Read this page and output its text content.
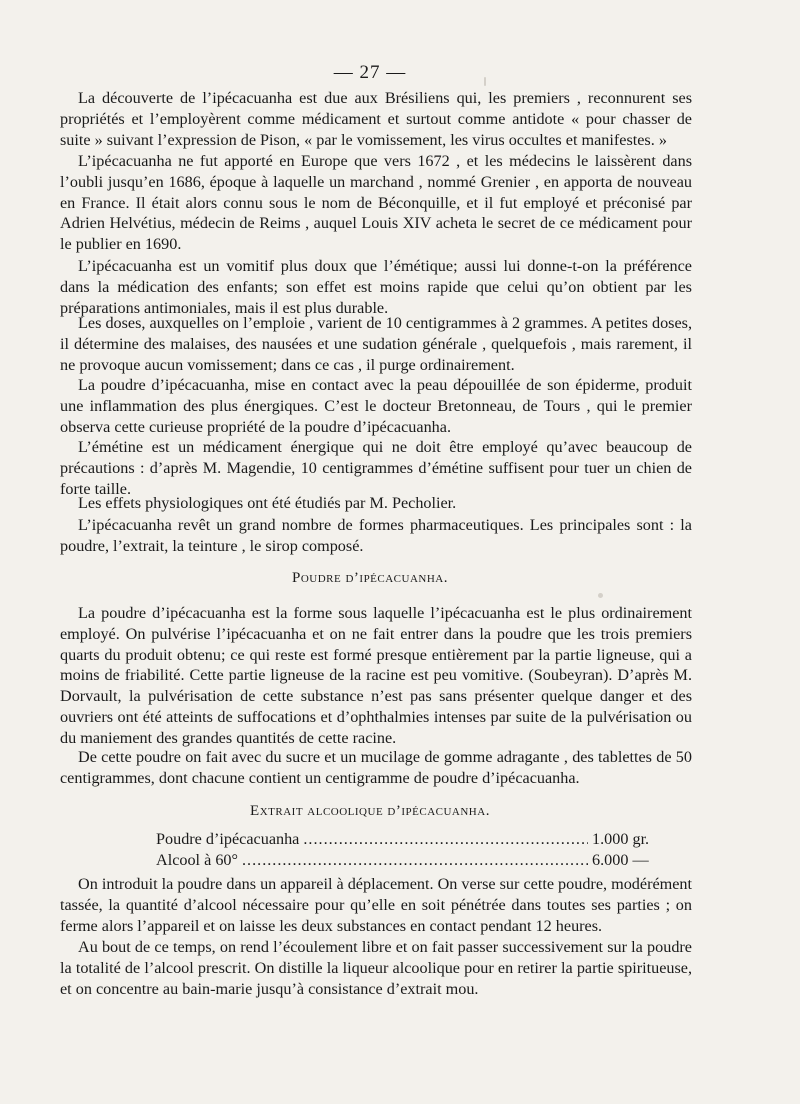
— 27 —

La découverte de l’ipécacuanha est due aux Brésiliens qui, les premiers , reconnurent ses propriétés et l’employèrent comme médicament et surtout comme antidote « pour chasser de suite » suivant l’expression de Pison, « par le vomissement, les virus occultes et manifestes. »

L’ipécacuanha ne fut apporté en Europe que vers 1672 , et les médecins le laissèrent dans l’oubli jusqu’en 1686, époque à laquelle un marchand , nommé Grenier , en apporta de nouveau en France. Il était alors connu sous le nom de Béconquille, et il fut employé et préconisé par Adrien Helvétius, médecin de Reims , auquel Louis XIV acheta le secret de ce médicament pour le publier en 1690.

L’ipécacuanha est un vomitif plus doux que l’émétique; aussi lui donne-t-on la préférence dans la médication des enfants; son effet est moins rapide que celui qu’on obtient par les préparations antimoniales, mais il est plus durable.

Les doses, auxquelles on l’emploie , varient de 10 centigrammes à 2 grammes. A petites doses, il détermine des malaises, des nausées et une sudation générale , quelquefois , mais rarement, il ne provoque aucun vomissement; dans ce cas , il purge ordinairement.

La poudre d’ipécacuanha, mise en contact avec la peau dépouillée de son épiderme, produit une inflammation des plus énergiques. C’est le docteur Bretonneau, de Tours , qui le premier observa cette curieuse propriété de la poudre d’ipécacuanha.

L’émétine est un médicament énergique qui ne doit être employé qu’avec beaucoup de précautions : d’après M. Magendie, 10 centigrammes d’émétine suffisent pour tuer un chien de forte taille.

Les effets physiologiques ont été étudiés par M. Pecholier.

L’ipécacuanha revêt un grand nombre de formes pharmaceutiques. Les principales sont : la poudre, l’extrait, la teinture , le sirop composé.

Poudre d’ipécacuanha.

La poudre d’ipécacuanha est la forme sous laquelle l’ipécacuanha est le plus ordinairement employé. On pulvérise l’ipécacuanha et on ne fait entrer dans la poudre que les trois premiers quarts du produit obtenu; ce qui reste est formé presque entièrement par la partie ligneuse, qui a moins de friabilité. Cette partie ligneuse de la racine est peu vomitive. (Soubeyran). D’après M. Dorvault, la pulvérisation de cette substance n’est pas sans présenter quelque danger et des ouvriers ont été atteints de suffocations et d’ophthalmies intenses par suite de la pulvérisation ou du maniement des grandes quantités de cette racine.

De cette poudre on fait avec du sucre et un mucilage de gomme adragante , des tablettes de 50 centigrammes, dont chacune contient un centigramme de poudre d’ipécacuanha.

Extrait alcoolique d’ipécacuanha.
Poudre d’ipécacuanha .....	1.000 gr.
Alcool à 60° .....	6.000 —

On introduit la poudre dans un appareil à déplacement. On verse sur cette poudre, modérément tassée, la quantité d’alcool nécessaire pour qu’elle en soit pénétrée dans toutes ses parties ; on ferme alors l’appareil et on laisse les deux substances en contact pendant 12 heures.

Au bout de ce temps, on rend l’écoulement libre et on fait passer successivement sur la poudre la totalité de l’alcool prescrit. On distille la liqueur alcoolique pour en retirer la partie spiritueuse, et on concentre au bain-marie jusqu’à consistance d’extrait mou.
